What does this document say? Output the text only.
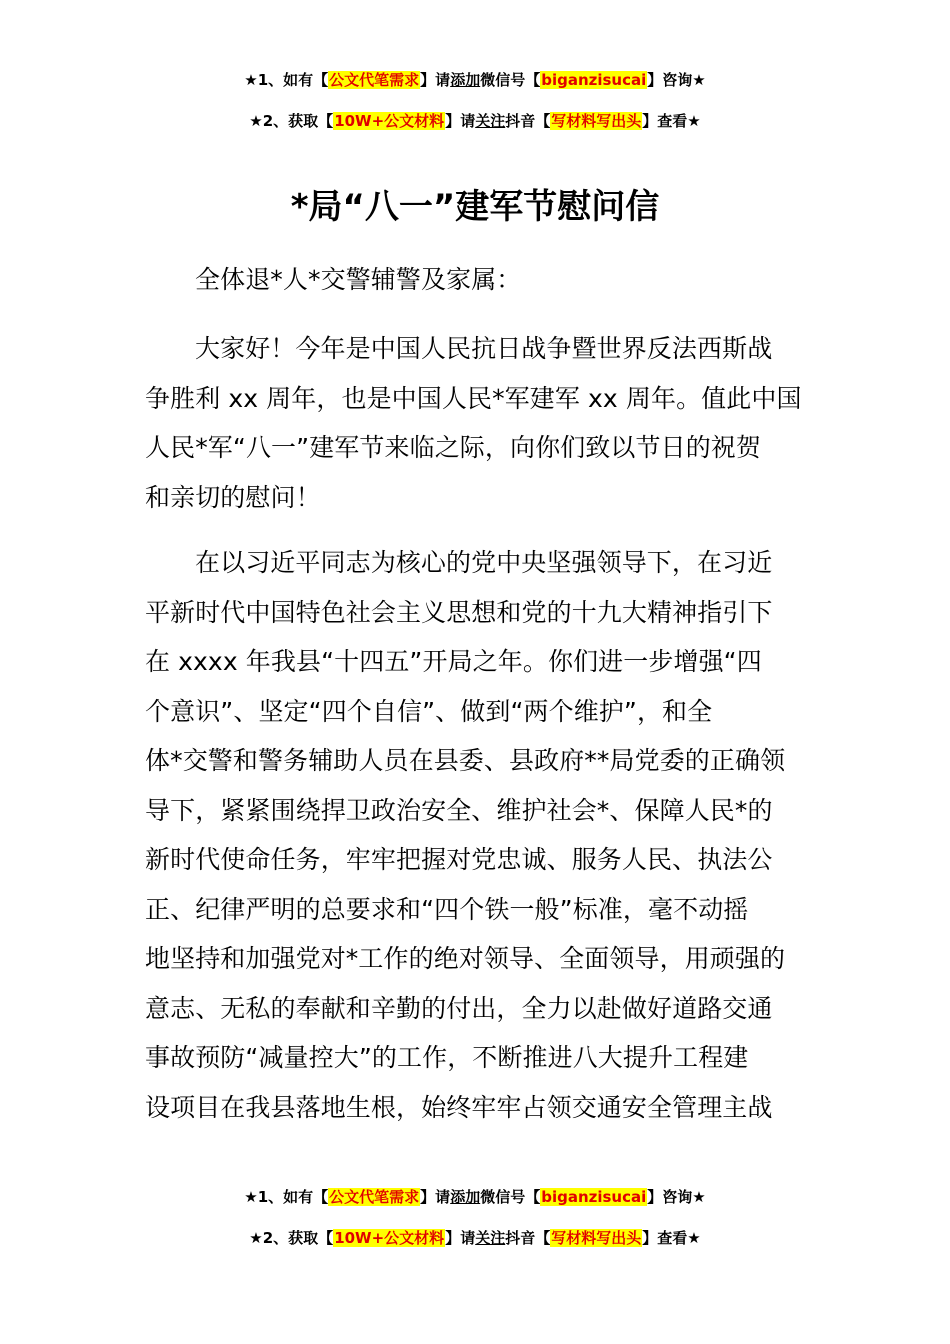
★1、如有【公文代笔需求】请添加微信号【biganzisucai】咨询★
★2、获取【10W+公文材料】请关注抖音【写材料写出头】查看★
*局“八一”建军节慰问信
全体退*人*交警辅警及家属：
大家好！今年是中国人民抗日战争暨世界反法西斯战
争胜利 xx 周年，也是中国人民*军建军 xx 周年。值此中国
人民*军“八一”建军节来临之际，向你们致以节日的祝贺
和亲切的慰问！
在以习近平同志为核心的党中央坚强领导下，在习近
平新时代中国特色社会主义思想和党的十九大精神指引下
在 xxxx 年我县“十四五”开局之年。你们进一步增强“四
个意识”、坚定“四个自信”、做到“两个维护”，和全
体*交警和警务辅助人员在县委、县政府**局党委的正确领
导下，紧紧围绕捍卫政治安全、维护社会*、保障人民*的
新时代使命任务，牢牢把握对党忠诚、服务人民、执法公
正、纪律严明的总要求和“四个铁一般”标准，毫不动摇
地坚持和加强党对*工作的绝对领导、全面领导，用顽强的
意志、无私的奉献和辛勤的付出，全力以赴做好道路交通
事故预防“减量控大”的工作，不断推进八大提升工程建
设项目在我县落地生根，始终牢牢占领交通安全管理主战
★1、如有【公文代笔需求】请添加微信号【biganzisucai】咨询★
★2、获取【10W+公文材料】请关注抖音【写材料写出头】查看★
